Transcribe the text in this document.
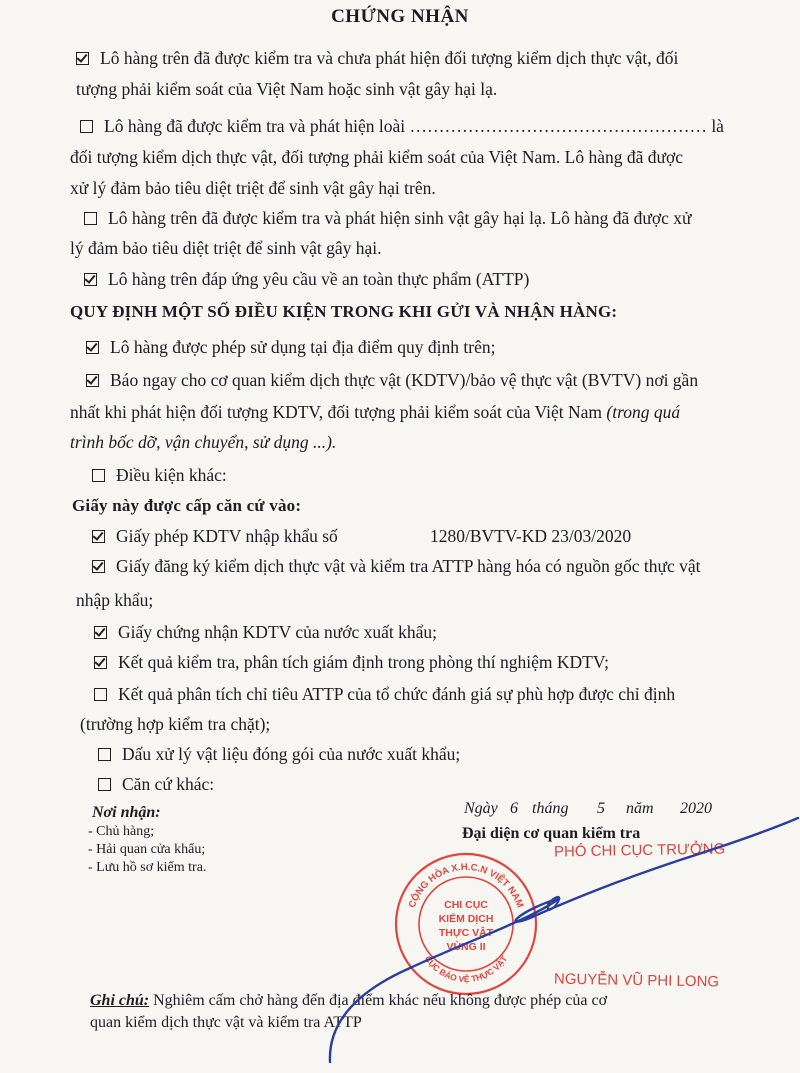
CHỨNG NHẬN
Lô hàng trên đã được kiểm tra và chưa phát hiện đối tượng kiểm dịch thực vật, đối
tượng phải kiểm soát của Việt Nam hoặc sinh vật gây hại lạ.
Lô hàng đã được kiểm tra và phát hiện loài …………………………………………… là
đối tượng kiểm dịch thực vật, đối tượng phải kiểm soát của Việt Nam. Lô hàng đã được
xử lý đảm bảo tiêu diệt triệt để sinh vật gây hại trên.
Lô hàng trên đã được kiểm tra và phát hiện sinh vật gây hại lạ. Lô hàng đã được xử
lý đảm bảo tiêu diệt triệt để sinh vật gây hại.
Lô hàng trên đáp ứng yêu cầu về an toàn thực phẩm (ATTP)
QUY ĐỊNH MỘT SỐ ĐIỀU KIỆN TRONG KHI GỬI VÀ NHẬN HÀNG:
Lô hàng được phép sử dụng tại địa điểm quy định trên;
Báo ngay cho cơ quan kiểm dịch thực vật (KDTV)/bảo vệ thực vật (BVTV) nơi gần
nhất khi phát hiện đối tượng KDTV, đối tượng phải kiểm soát của Việt Nam (trong quá
trình bốc dỡ, vận chuyển, sử dụng ...).
Điều kiện khác:
Giấy này được cấp căn cứ vào:
Giấy phép KDTV nhập khẩu số	1280/BVTV-KD 23/03/2020
Giấy đăng ký kiểm dịch thực vật và kiểm tra ATTP hàng hóa có nguồn gốc thực vật
nhập khẩu;
Giấy chứng nhận KDTV của nước xuất khẩu;
Kết quả kiểm tra, phân tích giám định trong phòng thí nghiệm KDTV;
Kết quả phân tích chỉ tiêu ATTP của tổ chức đánh giá sự phù hợp được chỉ định
(trường hợp kiểm tra chặt);
Dấu xử lý vật liệu đóng gói của nước xuất khẩu;
Căn cứ khác:
Nơi nhận:
- Chủ hàng;
- Hải quan cửa khẩu;
- Lưu hồ sơ kiểm tra.
Ngày 6 tháng 5 năm 2020
Đại diện cơ quan kiểm tra
PHÓ CHI CỤC TRƯỞNG
CỘNG HÒA X.H.C.N VIỆT NAM
CỤC BẢO VỆ THỰC VẬT
CHI CỤC
KIỂM DỊCH
THỰC VẬT
VÙNG II
NGUYỄN VŨ PHI LONG
Ghi chú: Nghiêm cấm chở hàng đến địa điểm khác nếu không được phép của cơ
quan kiểm dịch thực vật và kiểm tra ATTP
